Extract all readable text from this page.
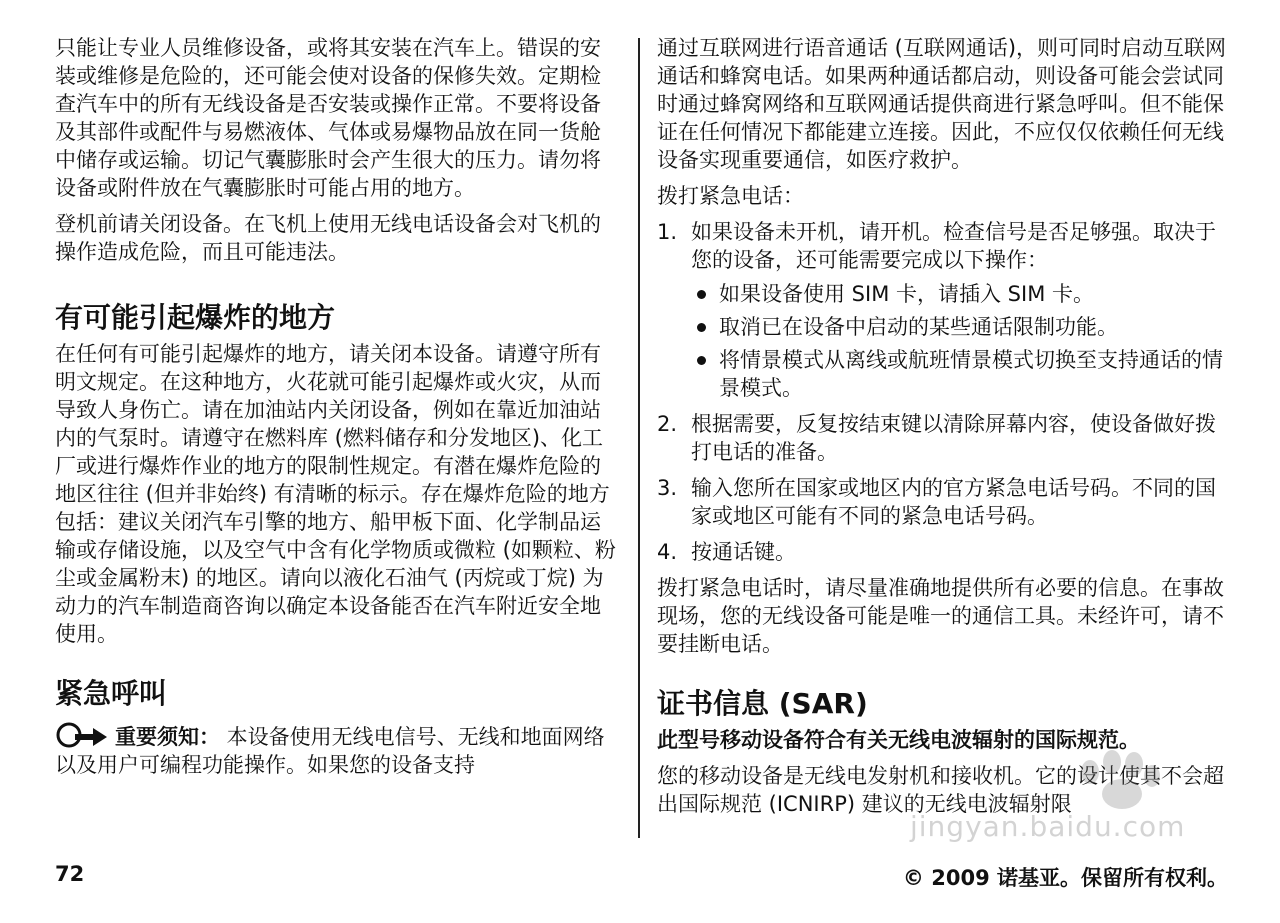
只能让专业人员维修设备，或将其安装在汽车上。错误的安装或维修是危险的，还可能会使对设备的保修失效。定期检查汽车中的所有无线设备是否安装或操作正常。不要将设备及其部件或配件与易燃液体、气体或易爆物品放在同一货舱中储存或运输。切记气囊膨胀时会产生很大的压力。请勿将设备或附件放在气囊膨胀时可能占用的地方。

登机前请关闭设备。在飞机上使用无线电话设备会对飞机的操作造成危险，而且可能违法。

有可能引起爆炸的地方

在任何有可能引起爆炸的地方，请关闭本设备。请遵守所有明文规定。在这种地方，火花就可能引起爆炸或火灾，从而导致人身伤亡。请在加油站内关闭设备，例如在靠近加油站内的气泵时。请遵守在燃料库 (燃料储存和分发地区)、化工厂或进行爆炸作业的地方的限制性规定。有潜在爆炸危险的地区往往 (但并非始终) 有清晰的标示。存在爆炸危险的地方包括：建议关闭汽车引擎的地方、船甲板下面、化学制品运输或存储设施，以及空气中含有化学物质或微粒 (如颗粒、粉尘或金属粉末) 的地区。请向以液化石油气 (丙烷或丁烷) 为动力的汽车制造商咨询以确定本设备能否在汽车附近安全地使用。

紧急呼叫

重要须知： 本设备使用无线电信号、无线和地面网络以及用户可编程功能操作。如果您的设备支持

通过互联网进行语音通话 (互联网通话)，则可同时启动互联网通话和蜂窝电话。如果两种通话都启动，则设备可能会尝试同时通过蜂窝网络和互联网通话提供商进行紧急呼叫。但不能保证在任何情况下都能建立连接。因此，不应仅仅依赖任何无线设备实现重要通信，如医疗救护。

拨打紧急电话：

1. 如果设备未开机，请开机。检查信号是否足够强。取决于您的设备，还可能需要完成以下操作：
如果设备使用 SIM 卡，请插入 SIM 卡。
取消已在设备中启动的某些通话限制功能。
将情景模式从离线或航班情景模式切换至支持通话的情景模式。
2. 根据需要，反复按结束键以清除屏幕内容，使设备做好拨打电话的准备。
3. 输入您所在国家或地区内的官方紧急电话号码。不同的国家或地区可能有不同的紧急电话号码。
4. 按通话键。

拨打紧急电话时，请尽量准确地提供所有必要的信息。在事故现场，您的无线设备可能是唯一的通信工具。未经许可，请不要挂断电话。

证书信息 (SAR)

此型号移动设备符合有关无线电波辐射的国际规范。

您的移动设备是无线电发射机和接收机。它的设计使其不会超出国际规范 (ICNIRP) 建议的无线电波辐射限

72	© 2009 诺基亚。保留所有权利。
jingyan.baidu.com
